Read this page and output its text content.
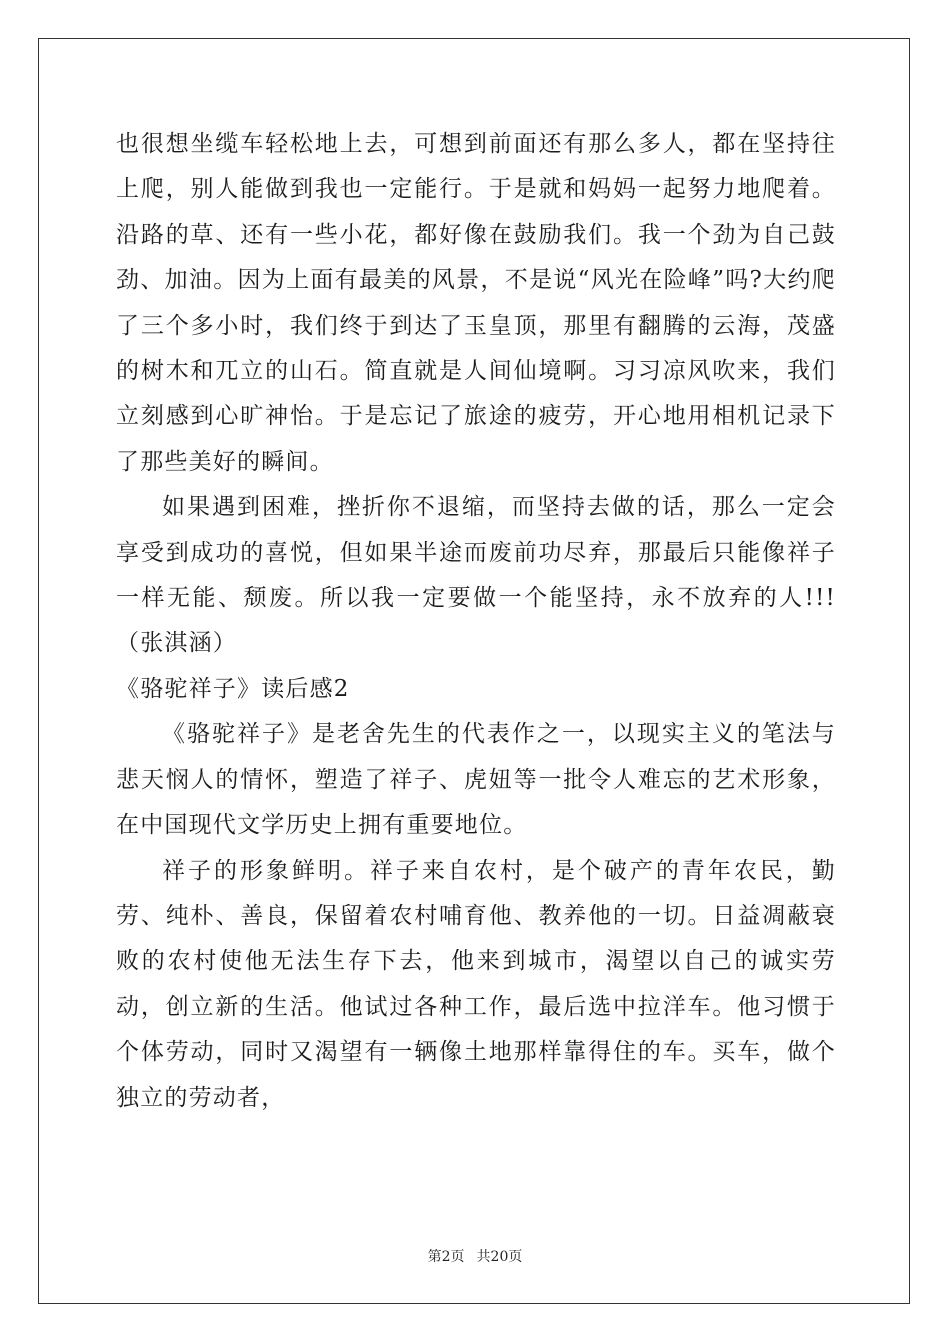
也很想坐缆车轻松地上去，可想到前面还有那么多人，都在坚持往上爬，别人能做到我也一定能行。于是就和妈妈一起努力地爬着。沿路的草、还有一些小花，都好像在鼓励我们。我一个劲为自己鼓劲、加油。因为上面有最美的风景，不是说“风光在险峰”吗?大约爬了三个多小时，我们终于到达了玉皇顶，那里有翻腾的云海，茂盛的树木和兀立的山石。简直就是人间仙境啊。习习凉风吹来，我们立刻感到心旷神怡。于是忘记了旅途的疲劳，开心地用相机记录下了那些美好的瞬间。

如果遇到困难，挫折你不退缩，而坚持去做的话，那么一定会享受到成功的喜悦，但如果半途而废前功尽弃，那最后只能像祥子一样无能、颓废。所以我一定要做一个能坚持，永不放弃的人!!!（张淇涵）

《骆驼祥子》读后感2

《骆驼祥子》是老舍先生的代表作之一，以现实主义的笔法与悲天悯人的情怀，塑造了祥子、虎妞等一批令人难忘的艺术形象，在中国现代文学历史上拥有重要地位。

祥子的形象鲜明。祥子来自农村，是个破产的青年农民，勤劳、纯朴、善良，保留着农村哺育他、教养他的一切。日益凋蔽衰败的农村使他无法生存下去，他来到城市，渴望以自己的诚实劳动，创立新的生活。他试过各种工作，最后选中拉洋车。他习惯于个体劳动，同时又渴望有一辆像土地那样靠得住的车。买车，做个独立的劳动者，

第2页 共20页
